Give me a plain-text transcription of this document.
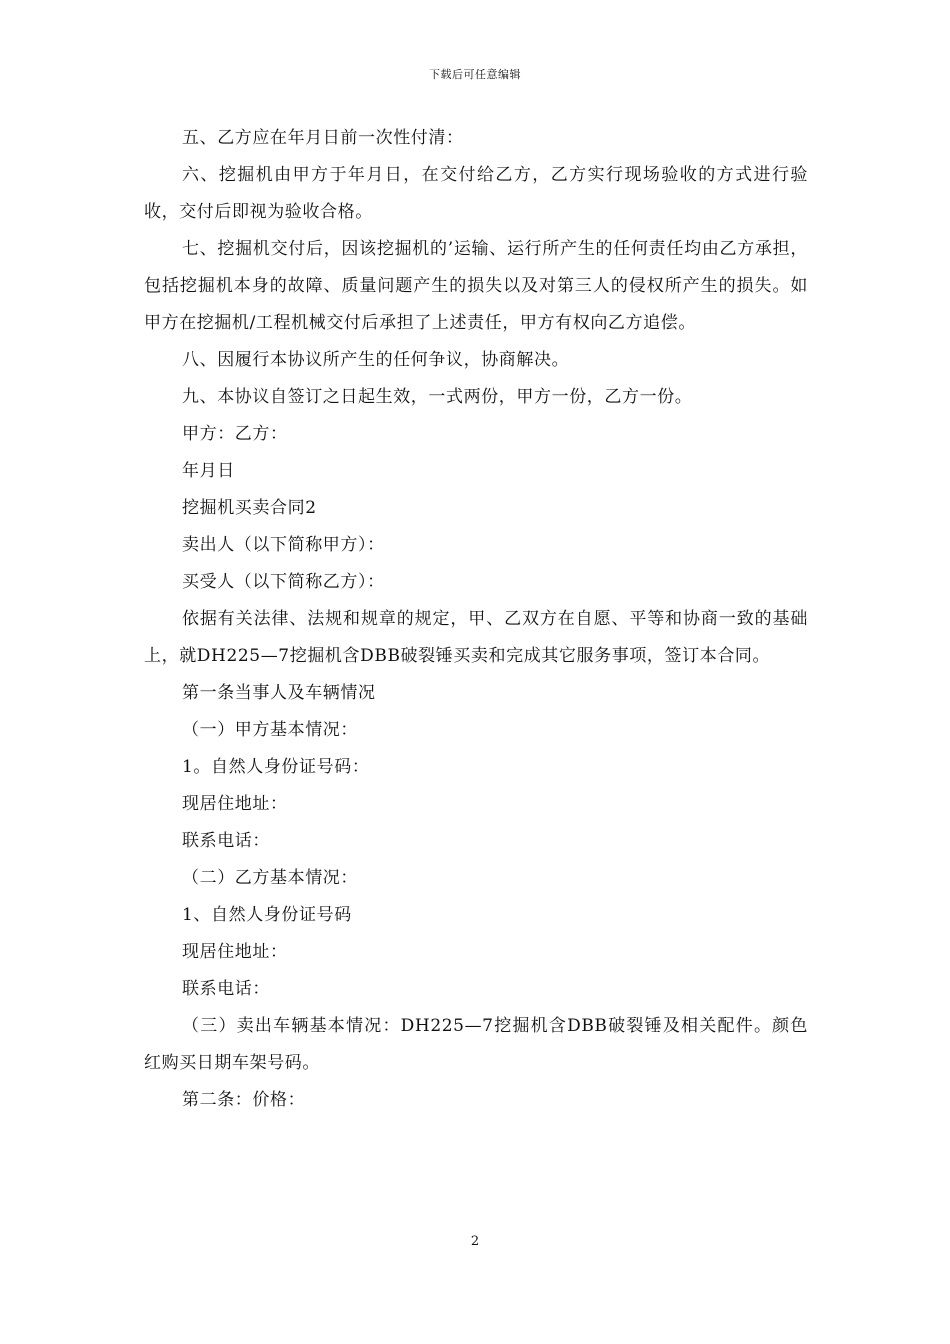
下载后可任意编辑

五、乙方应在年月日前一次性付清：

六、挖掘机由甲方于年月日，在交付给乙方，乙方实行现场验收的方式进行验收，交付后即视为验收合格。

七、挖掘机交付后，因该挖掘机的’运输、运行所产生的任何责任均由乙方承担，包括挖掘机本身的故障、质量问题产生的损失以及对第三人的侵权所产生的损失。如甲方在挖掘机/工程机械交付后承担了上述责任，甲方有权向乙方追偿。

八、因履行本协议所产生的任何争议，协商解决。

九、本协议自签订之日起生效，一式两份，甲方一份，乙方一份。

甲方：乙方：

年月日

挖掘机买卖合同2

卖出人（以下简称甲方）：

买受人（以下简称乙方）：

依据有关法律、法规和规章的规定，甲、乙双方在自愿、平等和协商一致的基础上，就DH225—7挖掘机含DBB破裂锤买卖和完成其它服务事项，签订本合同。

第一条当事人及车辆情况

（一）甲方基本情况：

1。自然人身份证号码：

现居住地址：

联系电话：

（二）乙方基本情况：

1、自然人身份证号码

现居住地址：

联系电话：

（三）卖出车辆基本情况：DH225—7挖掘机含DBB破裂锤及相关配件。颜色红购买日期车架号码。

第二条：价格：

2
